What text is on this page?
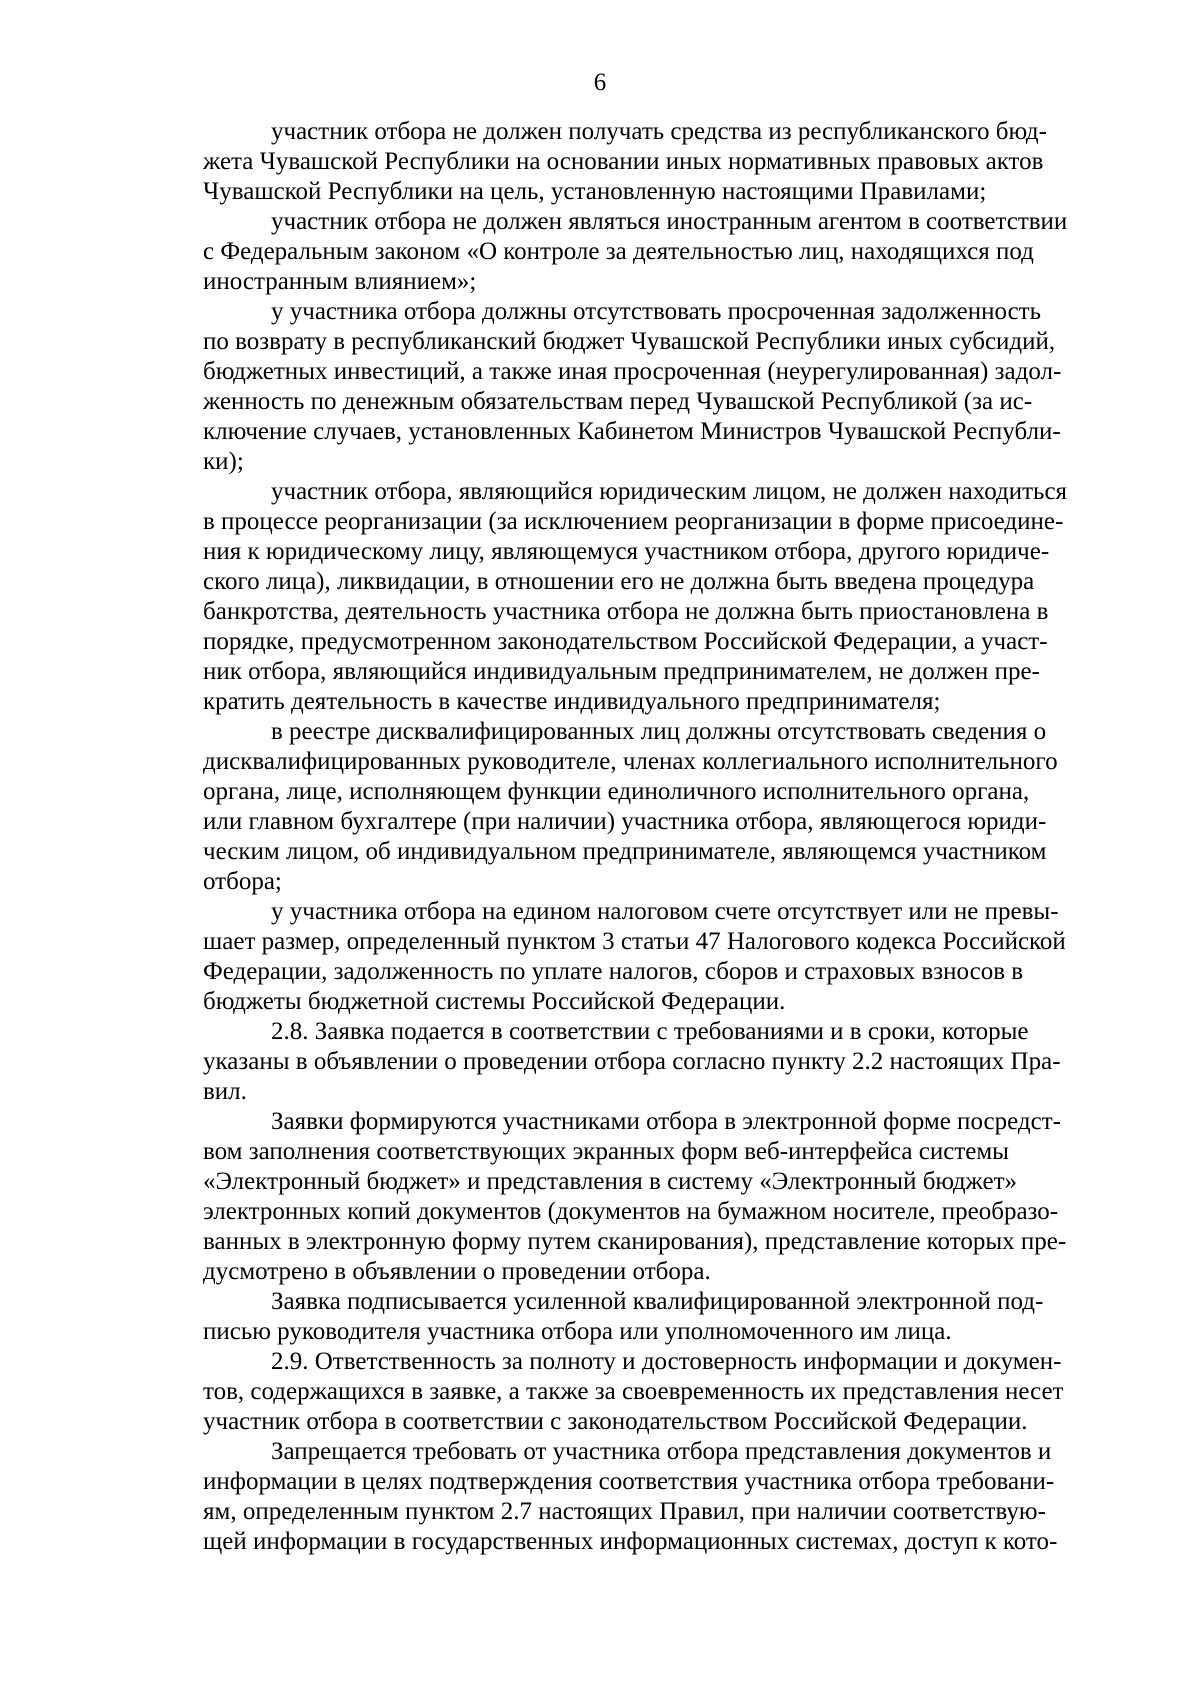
6
участник отбора не должен получать средства из республиканского бюд-
жета Чувашской Республики на основании иных нормативных правовых актов
Чувашской Республики на цель, установленную настоящими Правилами;
участник отбора не должен являться иностранным агентом в соответствии
с Федеральным законом «О контроле за деятельностью лиц, находящихся под
иностранным влиянием»;
у участника отбора должны отсутствовать просроченная задолженность
по возврату в республиканский бюджет Чувашской Республики иных субсидий,
бюджетных инвестиций, а также иная просроченная (неурегулированная) задол-
женность по денежным обязательствам перед Чувашской Республикой (за ис-
ключение случаев, установленных Кабинетом Министров Чувашской Республи-
ки);
участник отбора, являющийся юридическим лицом, не должен находиться
в процессе реорганизации (за исключением реорганизации в форме присоедине-
ния к юридическому лицу, являющемуся участником отбора, другого юридиче-
ского лица), ликвидации, в отношении его не должна быть введена процедура
банкротства, деятельность участника отбора не должна быть приостановлена в
порядке, предусмотренном законодательством Российской Федерации, а участ-
ник отбора, являющийся индивидуальным предпринимателем, не должен пре-
кратить деятельность в качестве индивидуального предпринимателя;
в реестре дисквалифицированных лиц должны отсутствовать сведения о
дисквалифицированных руководителе, членах коллегиального исполнительного
органа, лице, исполняющем функции единоличного исполнительного органа,
или главном бухгалтере (при наличии) участника отбора, являющегося юриди-
ческим лицом, об индивидуальном предпринимателе, являющемся участником
отбора;
у участника отбора на едином налоговом счете отсутствует или не превы-
шает размер, определенный пунктом 3 статьи 47 Налогового кодекса Российской
Федерации, задолженность по уплате налогов, сборов и страховых взносов в
бюджеты бюджетной системы Российской Федерации.
2.8. Заявка подается в соответствии с требованиями и в сроки, которые
указаны в объявлении о проведении отбора согласно пункту 2.2 настоящих Пра-
вил.
Заявки формируются участниками отбора в электронной форме посредст-
вом заполнения соответствующих экранных форм веб-интерфейса системы
«Электронный бюджет» и представления в систему «Электронный бюджет»
электронных копий документов (документов на бумажном носителе, преобразо-
ванных в электронную форму путем сканирования), представление которых пре-
дусмотрено в объявлении о проведении отбора.
Заявка подписывается усиленной квалифицированной электронной под-
писью руководителя участника отбора или уполномоченного им лица.
2.9. Ответственность за полноту и достоверность информации и докумен-
тов, содержащихся в заявке, а также за своевременность их представления несет
участник отбора в соответствии с законодательством Российской Федерации.
Запрещается требовать от участника отбора представления документов и
информации в целях подтверждения соответствия участника отбора требовани-
ям, определенным пунктом 2.7 настоящих Правил, при наличии соответствую-
щей информации в государственных информационных системах, доступ к кото-
